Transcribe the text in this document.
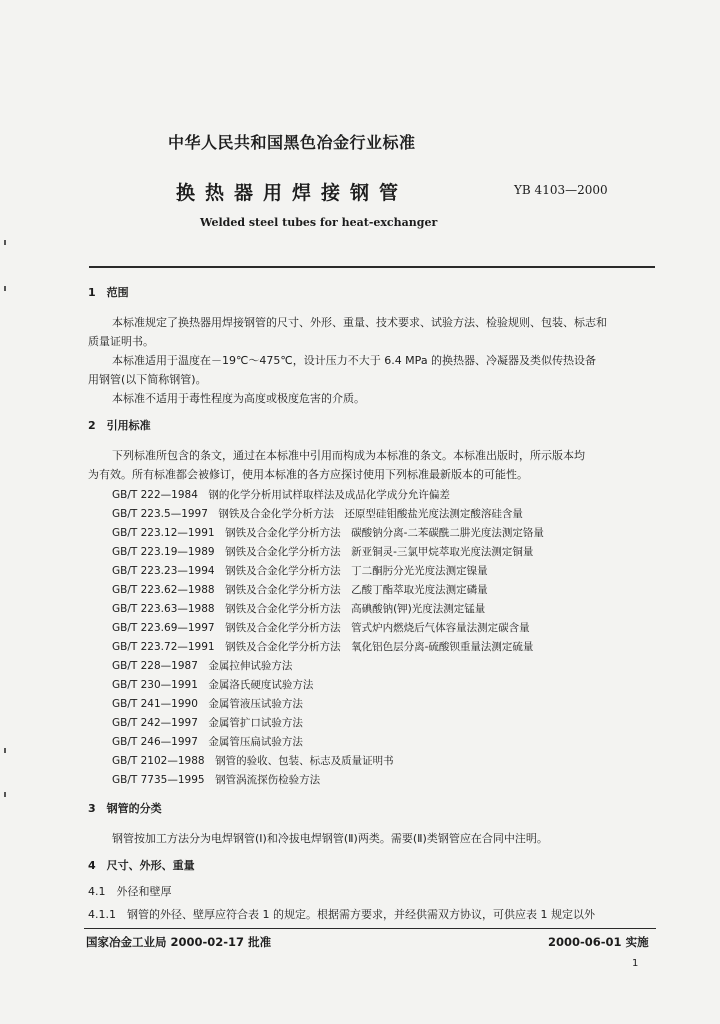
中华人民共和国黑色冶金行业标准
换热器用焊接钢管	YB 4103—2000
Welded steel tubes for heat-exchanger
1　范围
本标准规定了换热器用焊接钢管的尺寸、外形、重量、技术要求、试验方法、检验规则、包装、标志和
质量证明书。
本标准适用于温度在－19℃～475℃，设计压力不大于 6.4 MPa 的换热器、冷凝器及类似传热设备
用钢管(以下简称钢管)。
本标准不适用于毒性程度为高度或极度危害的介质。
2　引用标准
下列标准所包含的条文，通过在本标准中引用而构成为本标准的条文。本标准出版时，所示版本均
为有效。所有标准都会被修订，使用本标准的各方应探讨使用下列标准最新版本的可能性。
GB/T 222—1984　钢的化学分析用试样取样法及成品化学成分允许偏差
GB/T 223.5—1997　钢铁及合金化学分析方法　还原型硅钼酸盐光度法测定酸溶硅含量
GB/T 223.12—1991　钢铁及合金化学分析方法　碳酸钠分离-二苯碳酰二肼光度法测定铬量
GB/T 223.19—1989　钢铁及合金化学分析方法　新亚铜灵-三氯甲烷萃取光度法测定铜量
GB/T 223.23—1994　钢铁及合金化学分析方法　丁二酮肟分光光度法测定镍量
GB/T 223.62—1988　钢铁及合金化学分析方法　乙酸丁酯萃取光度法测定磷量
GB/T 223.63—1988　钢铁及合金化学分析方法　高碘酸钠(钾)光度法测定锰量
GB/T 223.69—1997　钢铁及合金化学分析方法　管式炉内燃烧后气体容量法测定碳含量
GB/T 223.72—1991　钢铁及合金化学分析方法　氧化铝色层分离-硫酸钡重量法测定硫量
GB/T 228—1987　金属拉伸试验方法
GB/T 230—1991　金属洛氏硬度试验方法
GB/T 241—1990　金属管液压试验方法
GB/T 242—1997　金属管扩口试验方法
GB/T 246—1997　金属管压扁试验方法
GB/T 2102—1988　钢管的验收、包装、标志及质量证明书
GB/T 7735—1995　钢管涡流探伤检验方法
3　钢管的分类
钢管按加工方法分为电焊钢管(Ⅰ)和冷拔电焊钢管(Ⅱ)两类。需要(Ⅱ)类钢管应在合同中注明。
4　尺寸、外形、重量
4.1　外径和壁厚
4.1.1　钢管的外径、壁厚应符合表 1 的规定。根据需方要求，并经供需双方协议，可供应表 1 规定以外
国家冶金工业局 2000-02-17 批准	2000-06-01 实施
1
